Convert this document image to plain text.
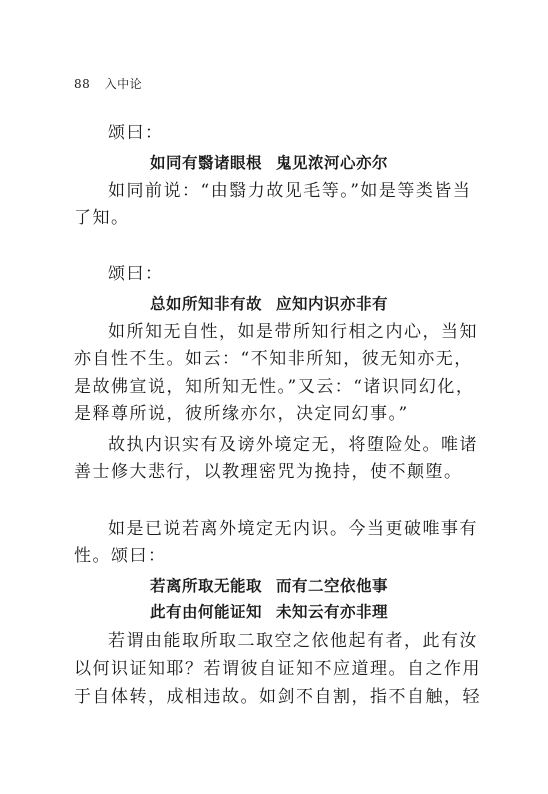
88 入中论
颂曰：
如同有翳诸眼根 鬼见浓河心亦尔
如同前说：“由翳力故见毛等。”如是等类皆当
了知。
颂曰：
总如所知非有故 应知内识亦非有
如所知无自性，如是带所知行相之内心，当知
亦自性不生。如云：“不知非所知，彼无知亦无，
是故佛宣说，知所知无性。”又云：“诸识同幻化，
是释尊所说，彼所缘亦尔，决定同幻事。”
故执内识实有及谤外境定无，将堕险处。唯诸
善士修大悲行，以教理密咒为挽持，使不颠堕。
如是已说若离外境定无内识。今当更破唯事有
性。颂曰：
若离所取无能取 而有二空依他事
此有由何能证知 未知云有亦非理
若谓由能取所取二取空之依他起有者，此有汝
以何识证知耶？若谓彼自证知不应道理。自之作用
于自体转，成相违故。如剑不自割，指不自触，轻
